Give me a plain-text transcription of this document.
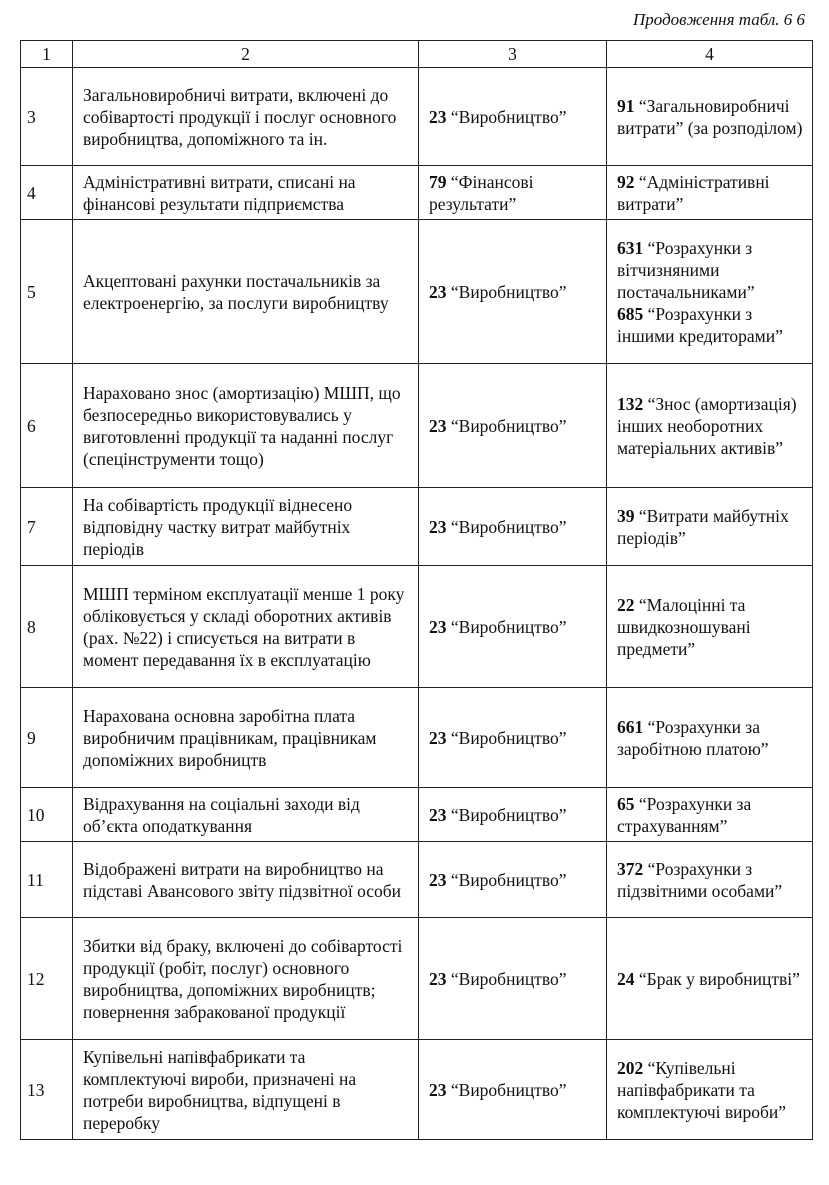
Продовження табл. 6 6
1	2	3	4
3	Загальновиробничі витрати, включені до собівартості продукції і послуг основного виробництва, допоміжного та ін.	23 “Виробництво”	91 “Загальновиробничі витрати” (за розподілом)
4	Адміністративні витрати, списані на фінансові результати підприємства	79 “Фінансові результати”	92 “Адміністративні витрати”
5	Акцептовані рахунки постачальників за електроенергію, за послуги виробництву	23 “Виробництво”	631 “Розрахунки з вітчизняними постачальниками”
685 “Розрахунки з іншими кредиторами”

6	Нараховано знос (амортизацію) МШП, що безпосередньо використовувались у виготовленні продукції та наданні послуг (спецінструменти тощо)	23 “Виробництво”	132 “Знос (амортизація) інших необоротних матеріальних активів”
7	На собівартість продукції віднесено відповідну частку витрат майбутніх періодів	23 “Виробництво”	39 “Витрати майбутніх періодів”
8	МШП терміном експлуатації менше 1 року обліковується у складі оборотних активів (рах. №22) і списується на витрати в момент передавання їх в експлуатацію	23 “Виробництво”	22 “Малоцінні та швидкозношувані предмети”
9	Нарахована основна заробітна плата виробничим працівникам, працівникам допоміжних виробництв	23 “Виробництво”	661 “Розрахунки за заробітною платою”
10	Відрахування на соціальні заходи від об’єкта оподаткування	23 “Виробництво”	65 “Розрахунки за страхуванням”
11	Відображені витрати на виробництво на підставі Авансового звіту підзвітної особи	23 “Виробництво”	372 “Розрахунки з підзвітними особами”
12	Збитки від браку, включені до собівартості продукції (робіт, послуг) основного виробництва, допоміжних виробництв; повернення забракованої продукції	23 “Виробництво”	24 “Брак у виробництві”
13	Купівельні напівфабрикати та комплектуючі вироби, призначені на потреби виробництва, відпущені в переробку	23 “Виробництво”	202 “Купівельні напівфабрикати та комплектуючі вироби”
